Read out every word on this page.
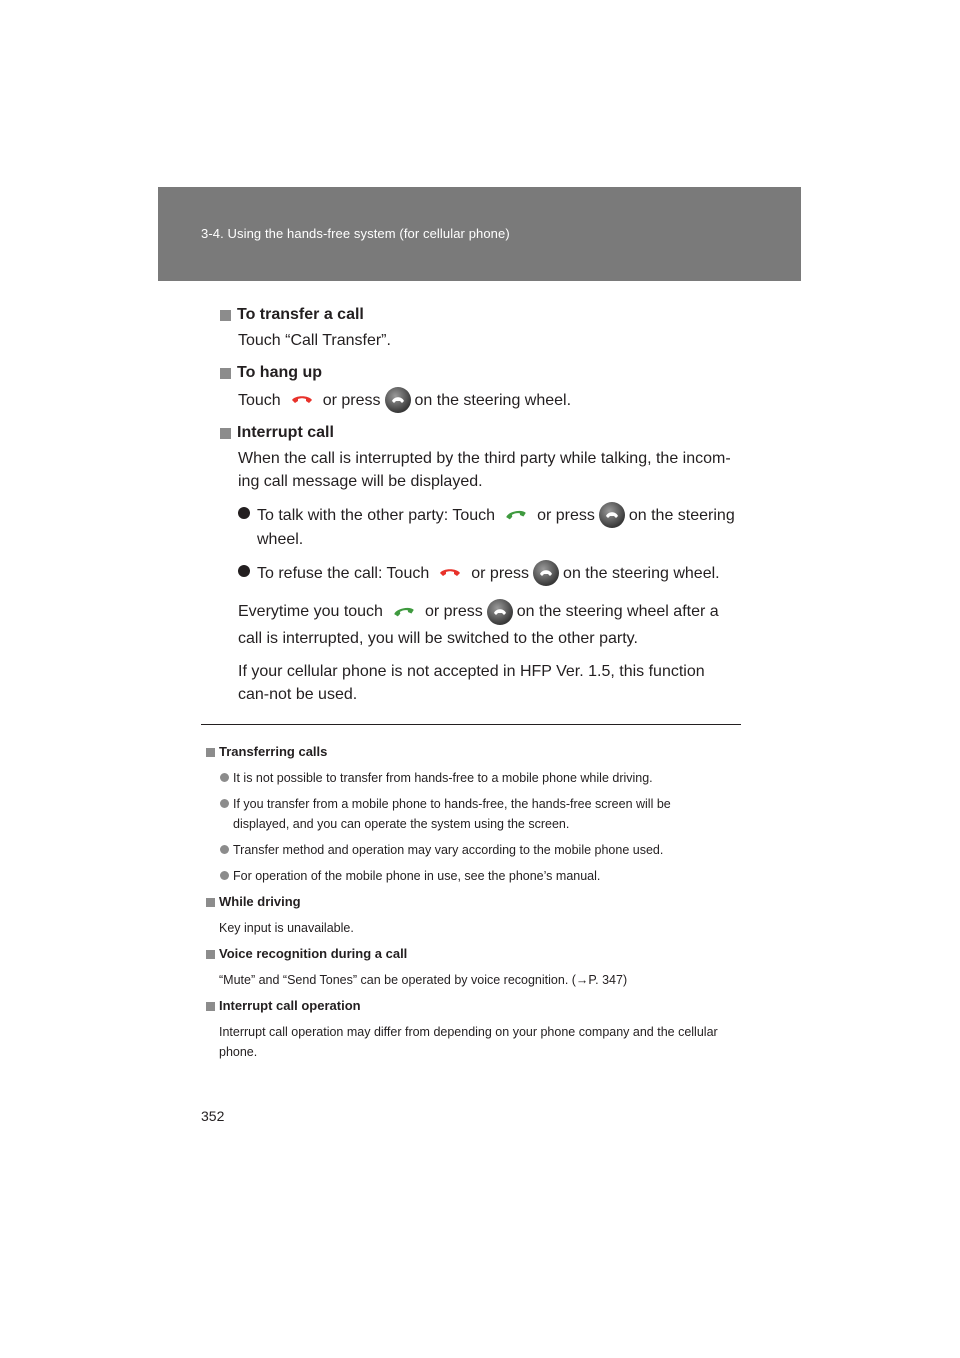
3-4. Using the hands-free system (for cellular phone)
To transfer a call
Touch “Call Transfer”.
To hang up
Touch	or press on the steering wheel.
Interrupt call
When the call is interrupted by the third party while talking, the incom-ing call message will be displayed.
To talk with the other party: Touch	or press on the steering
wheel.
To refuse the call: Touch	or press on the steering wheel.
Everytime you touch	or press on the steering wheel after a
call is interrupted, you will be switched to the other party.
If your cellular phone is not accepted in HFP Ver. 1.5, this function can-not be used.
Transferring calls
It is not possible to transfer from hands-free to a mobile phone while driving.
If you transfer from a mobile phone to hands-free, the hands-free screen will be displayed, and you can operate the system using the screen.
Transfer method and operation may vary according to the mobile phone used.
For operation of the mobile phone in use, see the phone’s manual.
While driving
Key input is unavailable.
Voice recognition during a call
“Mute” and “Send Tones” can be operated by voice recognition. (→P. 347)
Interrupt call operation
Interrupt call operation may differ from depending on your phone company and the cellular phone.
352
